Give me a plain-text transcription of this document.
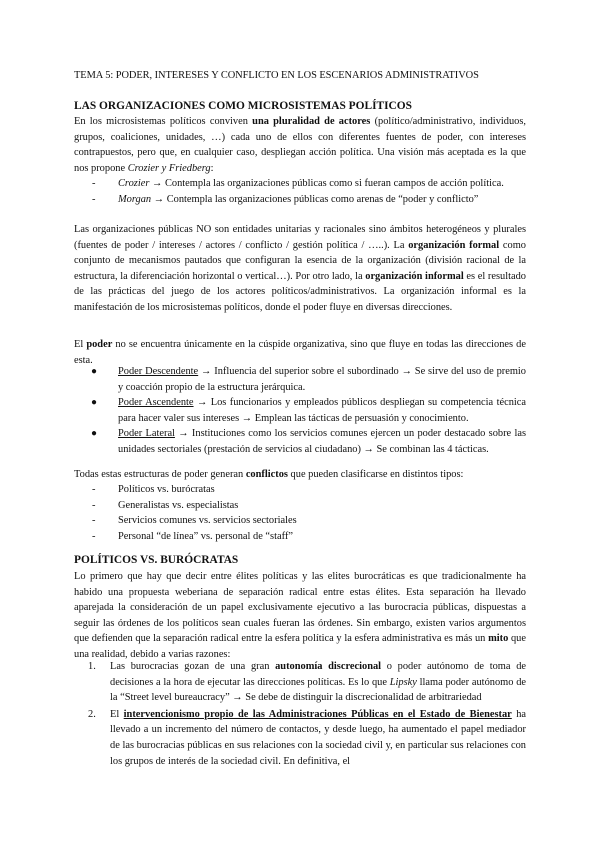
TEMA 5: PODER, INTERESES Y CONFLICTO EN LOS ESCENARIOS ADMINISTRATIVOS
LAS ORGANIZACIONES COMO MICROSISTEMAS POLÍTICOS

En los microsistemas políticos conviven una pluralidad de actores (político/administrativo, individuos, grupos, coaliciones, unidades, …) cada uno de ellos con diferentes fuentes de poder, con intereses contrapuestos, pero que, en cualquier caso, despliegan acción política. Una visión más aceptada es la que nos propone Crozier y Friedberg:

- Crozier → Contempla las organizaciones públicas como si fueran campos de acción política.
- Morgan → Contempla las organizaciones públicas como arenas de “poder y conflicto”

Las organizaciones públicas NO son entidades unitarias y racionales sino ámbitos heterogéneos y plurales (fuentes de poder / intereses / actores / conflicto / gestión política / …..). La organización formal como conjunto de mecanismos pautados que configuran la esencia de la organización (división racional de la estructura, la diferenciación horizontal o vertical…). Por otro lado, la organización informal es el resultado de las prácticas del juego de los actores políticos/administrativos. La organización informal es la manifestación de los microsistemas políticos, donde el poder fluye en diversas direcciones.

El poder no se encuentra únicamente en la cúspide organizativa, sino que fluye en todas las direcciones de esta.

● Poder Descendente → Influencia del superior sobre el subordinado → Se sirve del uso de premio y coacción propio de la estructura jerárquica.
● Poder Ascendente → Los funcionarios y empleados públicos despliegan su competencia técnica para hacer valer sus intereses → Emplean las tácticas de persuasión y conocimiento.
● Poder Lateral → Instituciones como los servicios comunes ejercen un poder destacado sobre las unidades sectoriales (prestación de servicios al ciudadano) → Se combinan las 4 tácticas.

Todas estas estructuras de poder generan conflictos que pueden clasificarse en distintos tipos:

- Políticos vs. burócratas
- Generalistas vs. especialistas
- Servicios comunes vs. servicios sectoriales
- Personal “de línea” vs. personal de “staff”
POLÍTICOS VS. BURÓCRATAS

Lo primero que hay que decir entre élites políticas y las elites burocráticas es que tradicionalmente ha habido una propuesta weberiana de separación radical entre estas élites. Esta separación ha llevado aparejada la consideración de un papel exclusivamente ejecutivo a las burocracia públicas, dispuestas a seguir las órdenes de los políticos sean cuales fueran las órdenes. Sin embargo, existen varios argumentos que defienden que la separación radical entre la esfera política y la esfera administrativa es más un mito que una realidad, debido a varias razones:

1. Las burocracias gozan de una gran autonomía discrecional o poder autónomo de toma de decisiones a la hora de ejecutar las direcciones políticas. Es lo que Lipsky llama poder autónomo de la “Street level bureaucracy” → Se debe de distinguir la discrecionalidad de arbitrariedad
2. El intervencionismo propio de las Administraciones Públicas en el Estado de Bienestar ha llevado a un incremento del número de contactos, y desde luego, ha aumentado el papel mediador de las burocracias públicas en sus relaciones con la sociedad civil y, en particular sus relaciones con los grupos de interés de la sociedad civil. En definitiva, el
